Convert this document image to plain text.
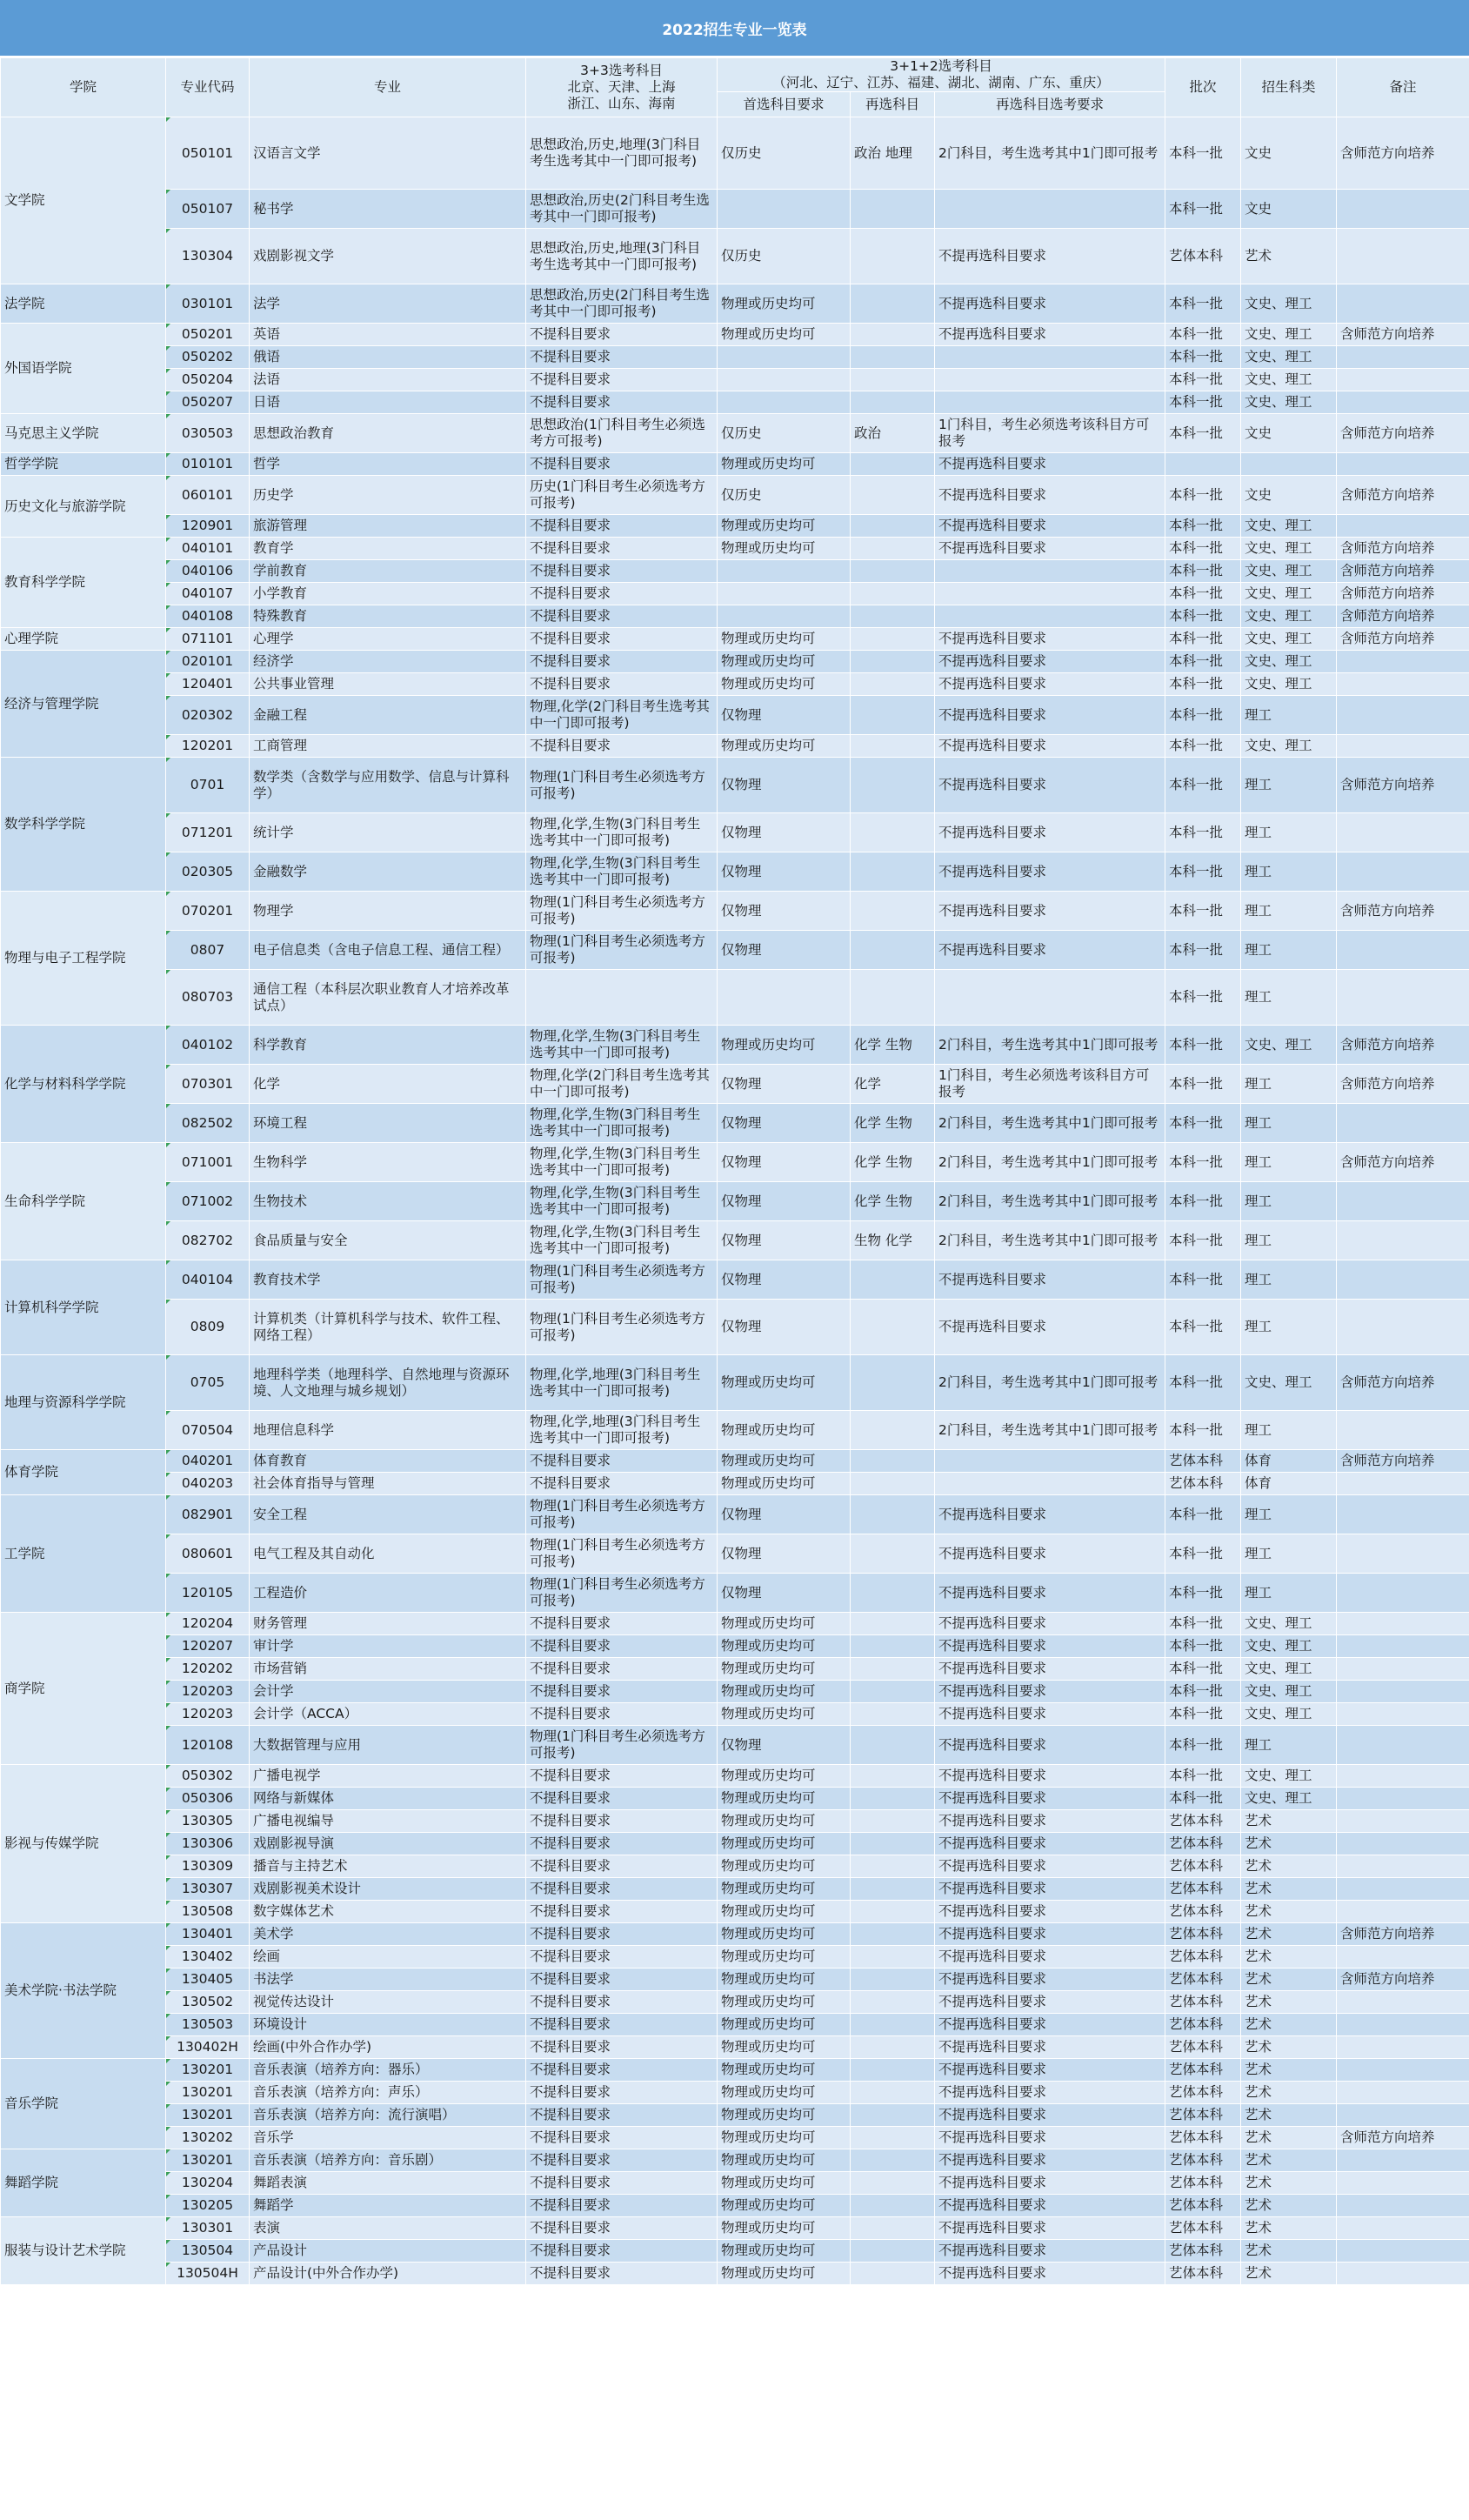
2022招生专业一览表
学院	专业代码	专业	3+3选考科目
北京、天津、上海
浙江、山东、海南	3+1+2选考科目
（河北、辽宁、江苏、福建、湖北、湖南、广东、重庆）			批次	招生科类	备注
				首选科目要求	再选科目	再选科目选考要求			
文学院	050101	汉语言文学	思想政治,历史,地理(3门科目考生选考其中一门即可报考)	仅历史	政治 地理	2门科目，考生选考其中1门即可报考	本科一批	文史	含师范方向培养
	050107	秘书学	思想政治,历史(2门科目考生选考其中一门即可报考)				本科一批	文史	
	130304	戏剧影视文学	思想政治,历史,地理(3门科目考生选考其中一门即可报考)	仅历史		不提再选科目要求	艺体本科	艺术	
法学院	030101	法学	思想政治,历史(2门科目考生选考其中一门即可报考)	物理或历史均可		不提再选科目要求	本科一批	文史、理工	
外国语学院	050201	英语	不提科目要求	物理或历史均可		不提再选科目要求	本科一批	文史、理工	含师范方向培养
	050202	俄语	不提科目要求				本科一批	文史、理工	
	050204	法语	不提科目要求				本科一批	文史、理工	
	050207	日语	不提科目要求				本科一批	文史、理工	
马克思主义学院	030503	思想政治教育	思想政治(1门科目考生必须选考方可报考)	仅历史	政治	1门科目，考生必须选考该科目方可报考	本科一批	文史	含师范方向培养
哲学学院	010101	哲学	不提科目要求	物理或历史均可		不提再选科目要求			
历史文化与旅游学院	060101	历史学	历史(1门科目考生必须选考方可报考)	仅历史		不提再选科目要求	本科一批	文史	含师范方向培养
	120901	旅游管理	不提科目要求	物理或历史均可		不提再选科目要求	本科一批	文史、理工	
教育科学学院	040101	教育学	不提科目要求	物理或历史均可		不提再选科目要求	本科一批	文史、理工	含师范方向培养
	040106	学前教育	不提科目要求				本科一批	文史、理工	含师范方向培养
	040107	小学教育	不提科目要求				本科一批	文史、理工	含师范方向培养
	040108	特殊教育	不提科目要求				本科一批	文史、理工	含师范方向培养
心理学院	071101	心理学	不提科目要求	物理或历史均可		不提再选科目要求	本科一批	文史、理工	含师范方向培养
经济与管理学院	020101	经济学	不提科目要求	物理或历史均可		不提再选科目要求	本科一批	文史、理工	
	120401	公共事业管理	不提科目要求	物理或历史均可		不提再选科目要求	本科一批	文史、理工	
	020302	金融工程	物理,化学(2门科目考生选考其中一门即可报考)	仅物理		不提再选科目要求	本科一批	理工	
	120201	工商管理	不提科目要求	物理或历史均可		不提再选科目要求	本科一批	文史、理工	
数学科学学院	0701	数学类（含数学与应用数学、信息与计算科学）	物理(1门科目考生必须选考方可报考)	仅物理		不提再选科目要求	本科一批	理工	含师范方向培养
	071201	统计学	物理,化学,生物(3门科目考生选考其中一门即可报考)	仅物理		不提再选科目要求	本科一批	理工	
	020305	金融数学	物理,化学,生物(3门科目考生选考其中一门即可报考)	仅物理		不提再选科目要求	本科一批	理工	
物理与电子工程学院	070201	物理学	物理(1门科目考生必须选考方可报考)	仅物理		不提再选科目要求	本科一批	理工	含师范方向培养
	0807	电子信息类（含电子信息工程、通信工程）	物理(1门科目考生必须选考方可报考)	仅物理		不提再选科目要求	本科一批	理工	
	080703	通信工程（本科层次职业教育人才培养改革试点）					本科一批	理工	
化学与材料科学学院	040102	科学教育	物理,化学,生物(3门科目考生选考其中一门即可报考)	物理或历史均可	化学 生物	2门科目，考生选考其中1门即可报考	本科一批	文史、理工	含师范方向培养
	070301	化学	物理,化学(2门科目考生选考其中一门即可报考)	仅物理	化学	1门科目，考生必须选考该科目方可报考	本科一批	理工	含师范方向培养
	082502	环境工程	物理,化学,生物(3门科目考生选考其中一门即可报考)	仅物理	化学 生物	2门科目，考生选考其中1门即可报考	本科一批	理工	
生命科学学院	071001	生物科学	物理,化学,生物(3门科目考生选考其中一门即可报考)	仅物理	化学 生物	2门科目，考生选考其中1门即可报考	本科一批	理工	含师范方向培养
	071002	生物技术	物理,化学,生物(3门科目考生选考其中一门即可报考)	仅物理	化学 生物	2门科目，考生选考其中1门即可报考	本科一批	理工	
	082702	食品质量与安全	物理,化学,生物(3门科目考生选考其中一门即可报考)	仅物理	生物 化学	2门科目，考生选考其中1门即可报考	本科一批	理工	
计算机科学学院	040104	教育技术学	物理(1门科目考生必须选考方可报考)	仅物理		不提再选科目要求	本科一批	理工	
	0809	计算机类（计算机科学与技术、软件工程、网络工程）	物理(1门科目考生必须选考方可报考)	仅物理		不提再选科目要求	本科一批	理工	
地理与资源科学学院	0705	地理科学类（地理科学、自然地理与资源环境、人文地理与城乡规划）	物理,化学,地理(3门科目考生选考其中一门即可报考)	物理或历史均可		2门科目，考生选考其中1门即可报考	本科一批	文史、理工	含师范方向培养
	070504	地理信息科学	物理,化学,地理(3门科目考生选考其中一门即可报考)	物理或历史均可		2门科目，考生选考其中1门即可报考	本科一批	理工	
体育学院	040201	体育教育	不提科目要求	物理或历史均可			艺体本科	体育	含师范方向培养
	040203	社会体育指导与管理	不提科目要求	物理或历史均可			艺体本科	体育	
工学院	082901	安全工程	物理(1门科目考生必须选考方可报考)	仅物理		不提再选科目要求	本科一批	理工	
	080601	电气工程及其自动化	物理(1门科目考生必须选考方可报考)	仅物理		不提再选科目要求	本科一批	理工	
	120105	工程造价	物理(1门科目考生必须选考方可报考)	仅物理		不提再选科目要求	本科一批	理工	
商学院	120204	财务管理	不提科目要求	物理或历史均可		不提再选科目要求	本科一批	文史、理工	
	120207	审计学	不提科目要求	物理或历史均可		不提再选科目要求	本科一批	文史、理工	
	120202	市场营销	不提科目要求	物理或历史均可		不提再选科目要求	本科一批	文史、理工	
	120203	会计学	不提科目要求	物理或历史均可		不提再选科目要求	本科一批	文史、理工	
	120203	会计学（ACCA）	不提科目要求	物理或历史均可		不提再选科目要求	本科一批	文史、理工	
	120108	大数据管理与应用	物理(1门科目考生必须选考方可报考)	仅物理		不提再选科目要求	本科一批	理工	
影视与传媒学院	050302	广播电视学	不提科目要求	物理或历史均可		不提再选科目要求	本科一批	文史、理工	
	050306	网络与新媒体	不提科目要求	物理或历史均可		不提再选科目要求	本科一批	文史、理工	
	130305	广播电视编导	不提科目要求	物理或历史均可		不提再选科目要求	艺体本科	艺术	
	130306	戏剧影视导演	不提科目要求	物理或历史均可		不提再选科目要求	艺体本科	艺术	
	130309	播音与主持艺术	不提科目要求	物理或历史均可		不提再选科目要求	艺体本科	艺术	
	130307	戏剧影视美术设计	不提科目要求	物理或历史均可		不提再选科目要求	艺体本科	艺术	
	130508	数字媒体艺术	不提科目要求	物理或历史均可		不提再选科目要求	艺体本科	艺术	
美术学院·书法学院	130401	美术学	不提科目要求	物理或历史均可		不提再选科目要求	艺体本科	艺术	含师范方向培养
	130402	绘画	不提科目要求	物理或历史均可		不提再选科目要求	艺体本科	艺术	
	130405	书法学	不提科目要求	物理或历史均可		不提再选科目要求	艺体本科	艺术	含师范方向培养
	130502	视觉传达设计	不提科目要求	物理或历史均可		不提再选科目要求	艺体本科	艺术	
	130503	环境设计	不提科目要求	物理或历史均可		不提再选科目要求	艺体本科	艺术	
	130402H	绘画(中外合作办学)	不提科目要求	物理或历史均可		不提再选科目要求	艺体本科	艺术	
音乐学院	130201	音乐表演（培养方向：器乐）	不提科目要求	物理或历史均可		不提再选科目要求	艺体本科	艺术	
	130201	音乐表演（培养方向：声乐）	不提科目要求	物理或历史均可		不提再选科目要求	艺体本科	艺术	
	130201	音乐表演（培养方向：流行演唱）	不提科目要求	物理或历史均可		不提再选科目要求	艺体本科	艺术	
	130202	音乐学	不提科目要求	物理或历史均可		不提再选科目要求	艺体本科	艺术	含师范方向培养
舞蹈学院	130201	音乐表演（培养方向：音乐剧）	不提科目要求	物理或历史均可		不提再选科目要求	艺体本科	艺术	
	130204	舞蹈表演	不提科目要求	物理或历史均可		不提再选科目要求	艺体本科	艺术	
	130205	舞蹈学	不提科目要求	物理或历史均可		不提再选科目要求	艺体本科	艺术	
服装与设计艺术学院	130301	表演	不提科目要求	物理或历史均可		不提再选科目要求	艺体本科	艺术	
	130504	产品设计	不提科目要求	物理或历史均可		不提再选科目要求	艺体本科	艺术	
	130504H	产品设计(中外合作办学)	不提科目要求	物理或历史均可		不提再选科目要求	艺体本科	艺术	
